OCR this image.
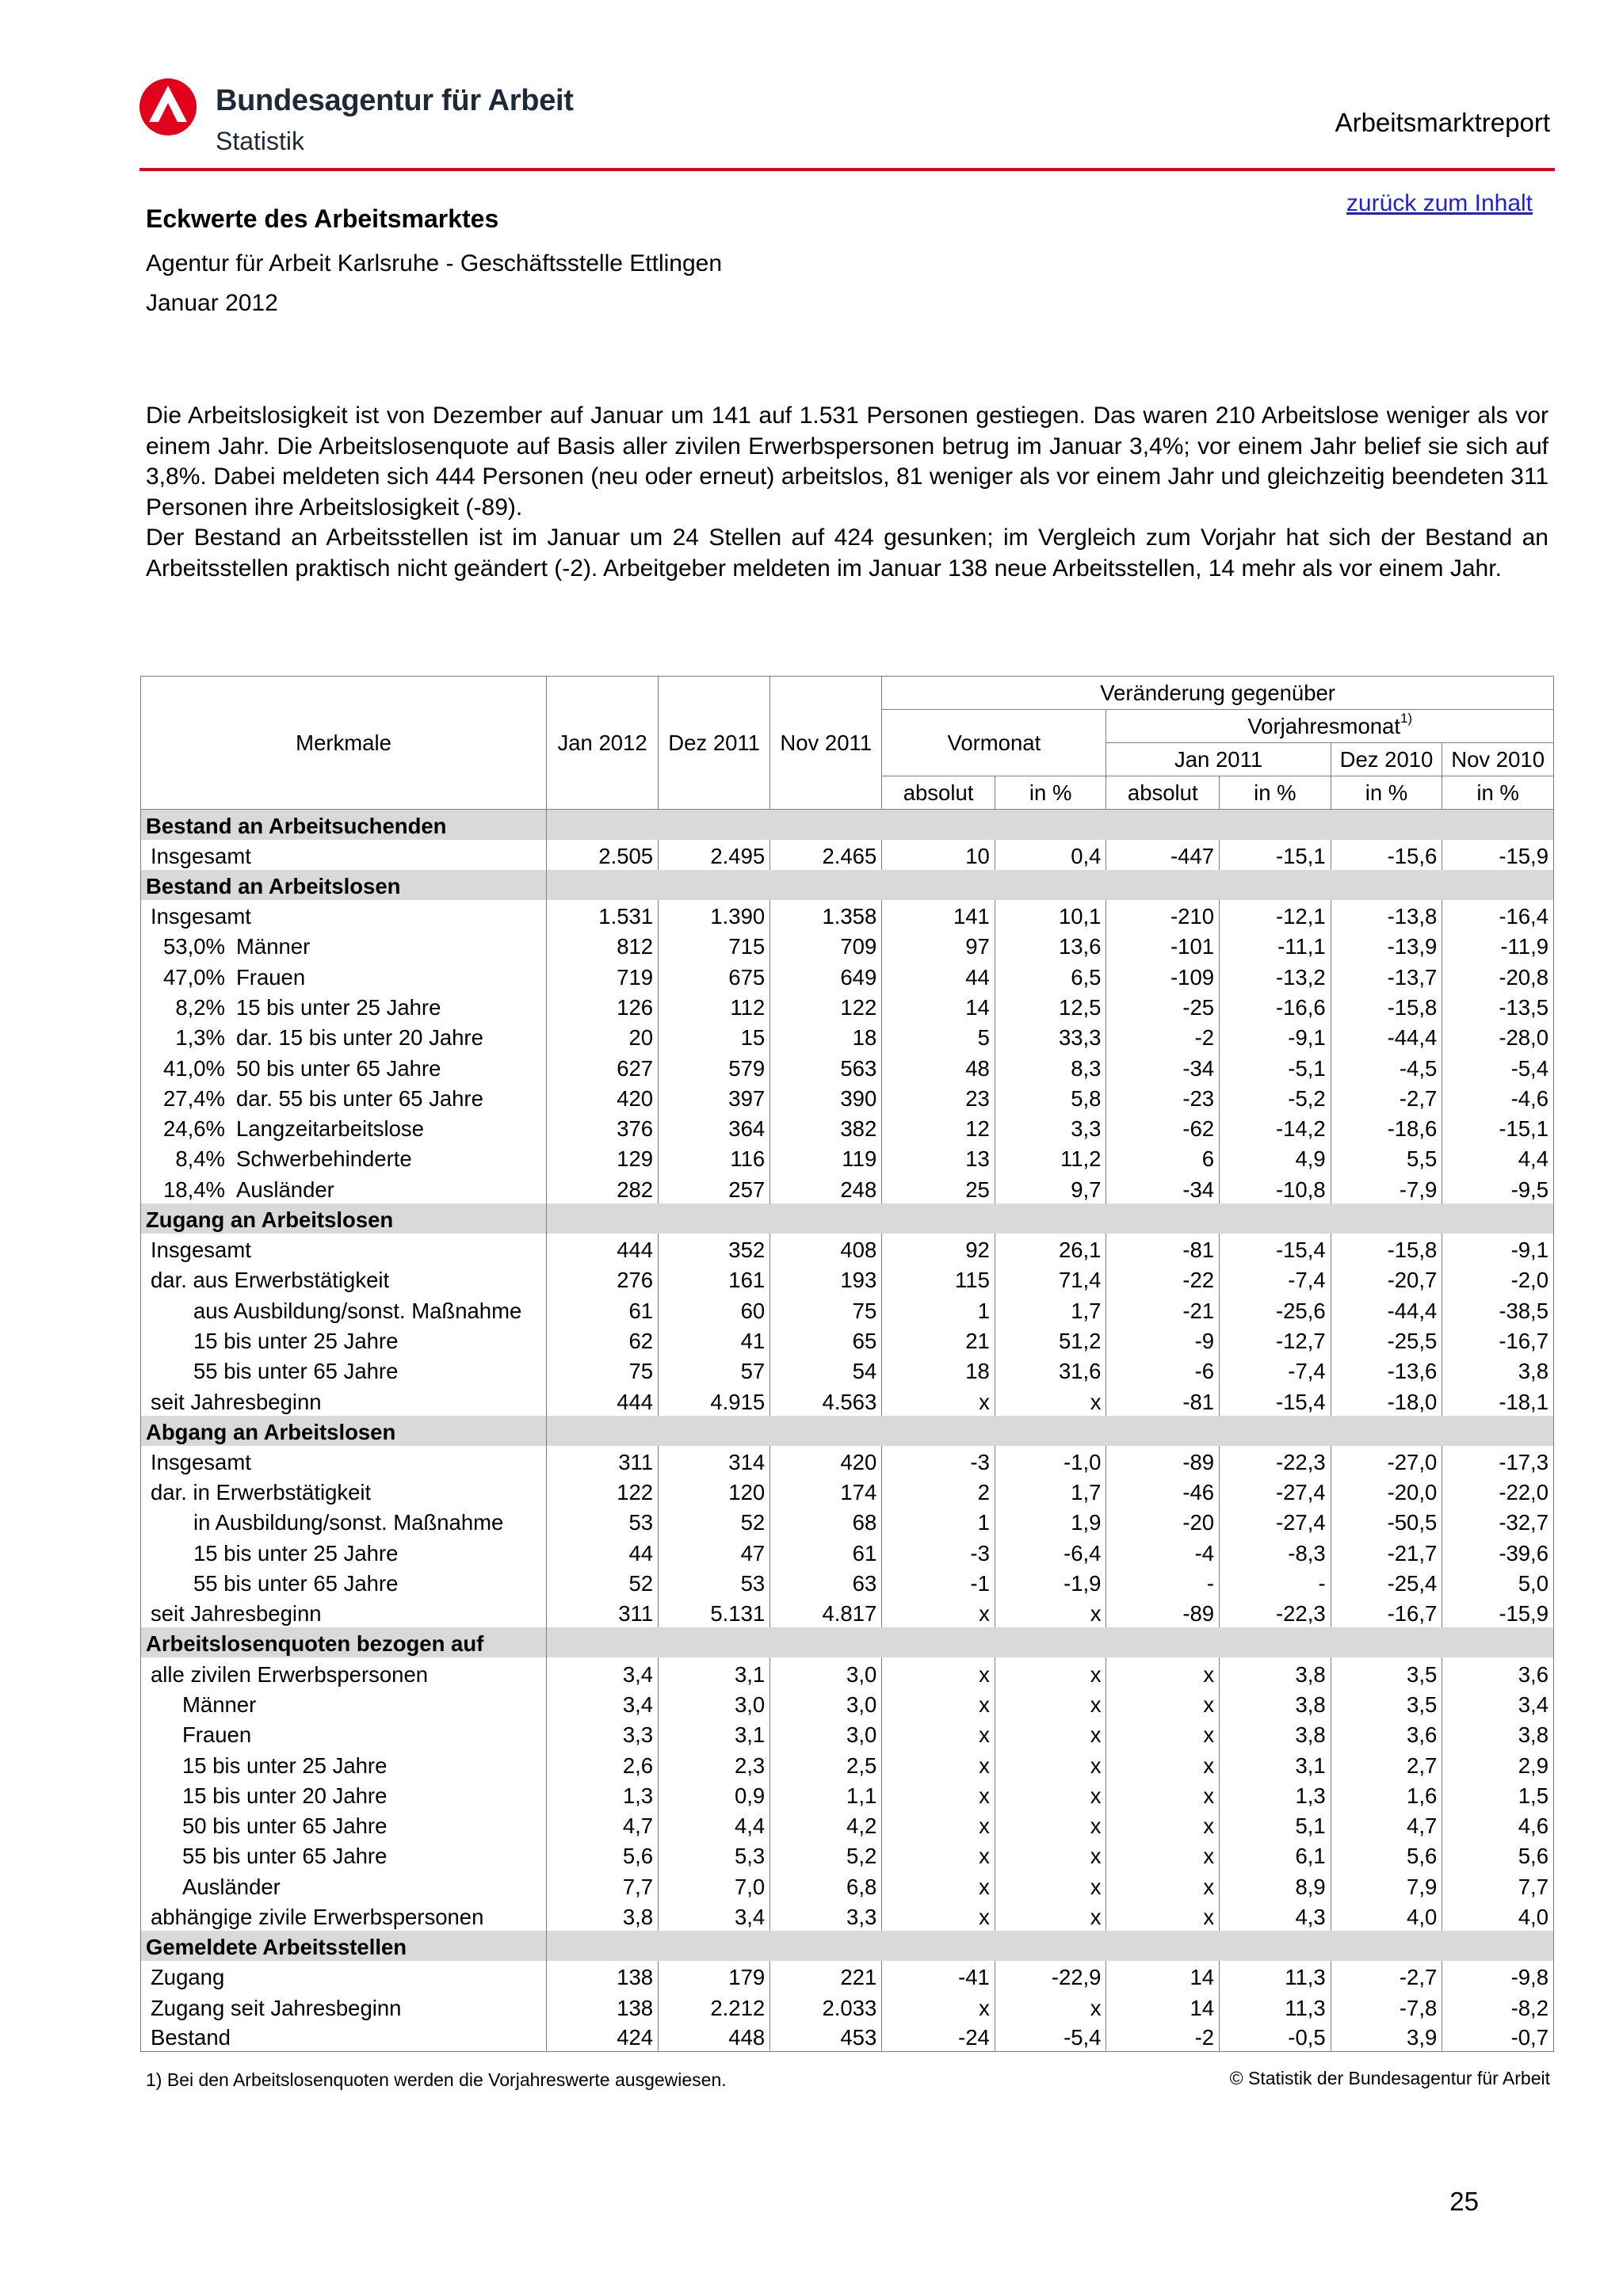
Bundesagentur für Arbeit
Statistik
Arbeitsmarktreport
zurück zum Inhalt
Eckwerte des Arbeitsmarktes
Agentur für Arbeit Karlsruhe - Geschäftsstelle Ettlingen
Januar 2012

Die Arbeitslosigkeit ist von Dezember auf Januar um 141 auf 1.531 Personen gestiegen. Das waren 210 Arbeitslose weniger als vor einem Jahr. Die Arbeitslosenquote auf Basis aller zivilen Erwerbspersonen betrug im Januar 3,4%; vor einem Jahr belief sie sich auf 3,8%. Dabei meldeten sich 444 Personen (neu oder erneut) arbeitslos, 81 weniger als vor einem Jahr und gleichzeitig beendeten 311 Personen ihre Arbeitslosigkeit (-89).

Der Bestand an Arbeitsstellen ist im Januar um 24 Stellen auf 424 gesunken; im Vergleich zum Vorjahr hat sich der Bestand an Arbeitsstellen praktisch nicht geändert (-2). Arbeitgeber meldeten im Januar 138 neue Arbeitsstellen, 14 mehr als vor einem Jahr.

Merkmale	Jan 2012	Dez 2011	Nov 2011	Veränderung gegenüber					
				Vormonat		Vorjahresmonat$^{1)}$
						Jan 2011		Dez 2010	Nov 2010
				absolut	in %	absolut	in %	in %	in %
Bestand an Arbeitsuchenden									
Insgesamt	2.505	2.495	2.465	10	0,4	-447	-15,1	-15,6	-15,9
Bestand an Arbeitslosen									
Insgesamt	1.531	1.390	1.358	141	10,1	-210	-12,1	-13,8	-16,4
53,0% Männer	812	715	709	97	13,6	-101	-11,1	-13,9	-11,9
47,0% Frauen	719	675	649	44	6,5	-109	-13,2	-13,7	-20,8
8,2% 15 bis unter 25 Jahre	126	112	122	14	12,5	-25	-16,6	-15,8	-13,5
1,3% dar. 15 bis unter 20 Jahre	20	15	18	5	33,3	-2	-9,1	-44,4	-28,0
41,0% 50 bis unter 65 Jahre	627	579	563	48	8,3	-34	-5,1	-4,5	-5,4
27,4% dar. 55 bis unter 65 Jahre	420	397	390	23	5,8	-23	-5,2	-2,7	-4,6
24,6% Langzeitarbeitslose	376	364	382	12	3,3	-62	-14,2	-18,6	-15,1
8,4% Schwerbehinderte	129	116	119	13	11,2	6	4,9	5,5	4,4
18,4% Ausländer	282	257	248	25	9,7	-34	-10,8	-7,9	-9,5
Zugang an Arbeitslosen									
Insgesamt	444	352	408	92	26,1	-81	-15,4	-15,8	-9,1
dar. aus Erwerbstätigkeit	276	161	193	115	71,4	-22	-7,4	-20,7	-2,0
aus Ausbildung/sonst. Maßnahme	61	60	75	1	1,7	-21	-25,6	-44,4	-38,5
15 bis unter 25 Jahre	62	41	65	21	51,2	-9	-12,7	-25,5	-16,7
55 bis unter 65 Jahre	75	57	54	18	31,6	-6	-7,4	-13,6	3,8
seit Jahresbeginn	444	4.915	4.563	x	x	-81	-15,4	-18,0	-18,1
Abgang an Arbeitslosen									
Insgesamt	311	314	420	-3	-1,0	-89	-22,3	-27,0	-17,3
dar. in Erwerbstätigkeit	122	120	174	2	1,7	-46	-27,4	-20,0	-22,0
in Ausbildung/sonst. Maßnahme	53	52	68	1	1,9	-20	-27,4	-50,5	-32,7
15 bis unter 25 Jahre	44	47	61	-3	-6,4	-4	-8,3	-21,7	-39,6
55 bis unter 65 Jahre	52	53	63	-1	-1,9	-	-	-25,4	5,0
seit Jahresbeginn	311	5.131	4.817	x	x	-89	-22,3	-16,7	-15,9
Arbeitslosenquoten bezogen auf									
alle zivilen Erwerbspersonen	3,4	3,1	3,0	x	x	x	3,8	3,5	3,6
Männer	3,4	3,0	3,0	x	x	x	3,8	3,5	3,4
Frauen	3,3	3,1	3,0	x	x	x	3,8	3,6	3,8
15 bis unter 25 Jahre	2,6	2,3	2,5	x	x	x	3,1	2,7	2,9
15 bis unter 20 Jahre	1,3	0,9	1,1	x	x	x	1,3	1,6	1,5
50 bis unter 65 Jahre	4,7	4,4	4,2	x	x	x	5,1	4,7	4,6
55 bis unter 65 Jahre	5,6	5,3	5,2	x	x	x	6,1	5,6	5,6
Ausländer	7,7	7,0	6,8	x	x	x	8,9	7,9	7,7
abhängige zivile Erwerbspersonen	3,8	3,4	3,3	x	x	x	4,3	4,0	4,0
Gemeldete Arbeitsstellen									
Zugang	138	179	221	-41	-22,9	14	11,3	-2,7	-9,8
Zugang seit Jahresbeginn	138	2.212	2.033	x	x	14	11,3	-7,8	-8,2
Bestand	424	448	453	-24	-5,4	-2	-0,5	3,9	-0,7
1) Bei den Arbeitslosenquoten werden die Vorjahreswerte ausgewiesen.	© Statistik der Bundesagentur für Arbeit
25
